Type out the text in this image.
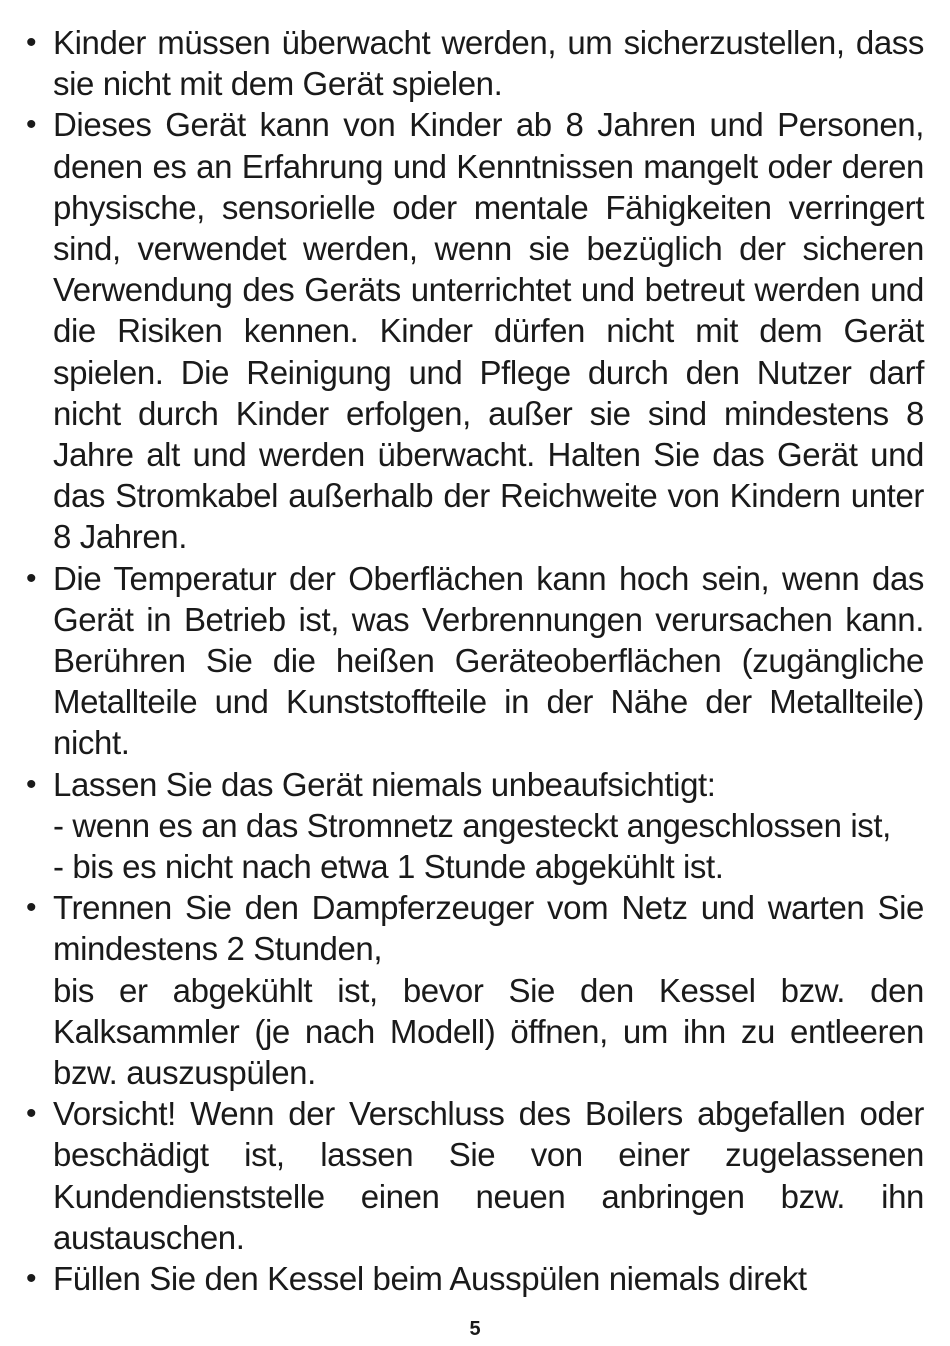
• Kinder müssen überwacht werden, um sicherzustellen, dass sie nicht mit dem Gerät spielen.
• Dieses Gerät kann von Kinder ab 8 Jahren und Personen, denen es an Erfahrung und Kenntnissen mangelt oder deren physische, sensorielle oder mentale Fähigkeiten verringert sind, verwendet werden, wenn sie bezüglich der sicheren Verwendung des Geräts unterrichtet und betreut werden und die Risiken kennen. Kinder dürfen nicht mit dem Gerät spielen. Die Reinigung und Pflege durch den Nutzer darf nicht durch Kinder erfolgen, außer sie sind mindestens 8 Jahre alt und werden überwacht. Halten Sie das Gerät und das Stromkabel außerhalb der Reichweite von Kindern unter 8 Jahren.
• Die Temperatur der Oberflächen kann hoch sein, wenn das Gerät in Betrieb ist, was Verbrennungen verursachen kann. Berühren Sie die heißen Geräteoberflächen (zugängliche Metallteile und Kunststoffteile in der Nähe der Metallteile) nicht.
• Lassen Sie das Gerät niemals unbeaufsichtigt:
- wenn es an das Stromnetz angesteckt angeschlossen ist,
- bis es nicht nach etwa 1 Stunde abgekühlt ist.
• Trennen Sie den Dampferzeuger vom Netz und warten Sie mindestens 2 Stunden,
bis er abgekühlt ist, bevor Sie den Kessel bzw. den Kalksammler (je nach Modell) öffnen, um ihn zu entleeren bzw. auszuspülen.
• Vorsicht! Wenn der Verschluss des Boilers abgefallen oder beschädigt ist, lassen Sie von einer zugelassenen Kundendienststelle einen neuen anbringen bzw. ihn austauschen.
• Füllen Sie den Kessel beim Ausspülen niemals direkt
5
